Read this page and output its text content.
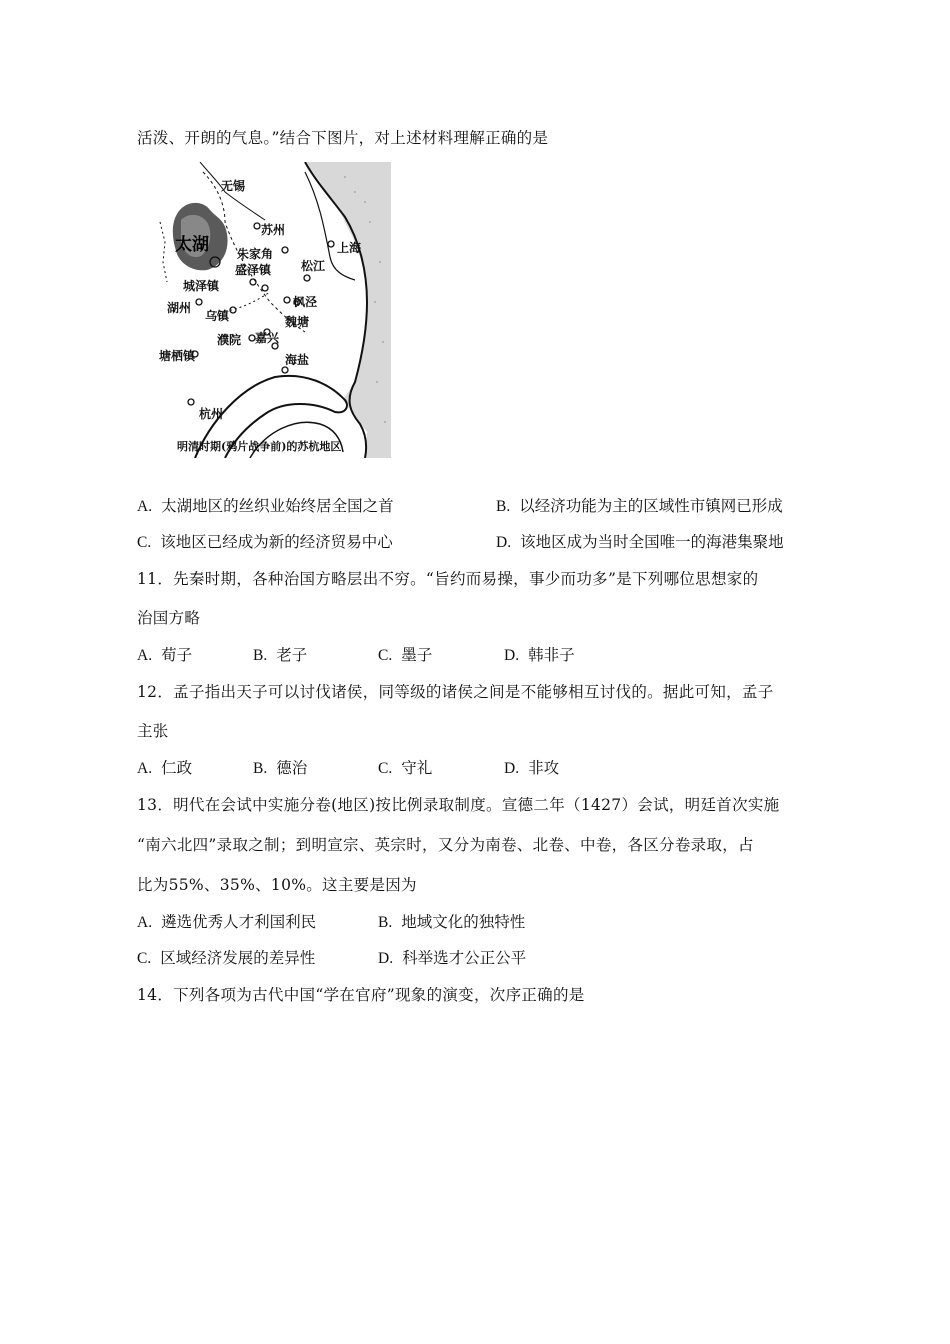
活泼、开朗的气息。”结合下图片，对上述材料理解正确的是
无锡
太湖
苏州
朱家角	上海
城泽镇
盛泽镇 松江
湖州
乌镇
枫泾
魏塘
濮院 嘉兴
塘栖镇	海盐
杭州
明清时期(鸦片战争前)的苏杭地区
A. 太湖地区的丝织业始终居全国之首	B. 以经济功能为主的区域性市镇网已形成
C. 该地区已经成为新的经济贸易中心	D. 该地区成为当时全国唯一的海港集聚地
11．先秦时期，各种治国方略层出不穷。“旨约而易操，事少而功多”是下列哪位思想家的
治国方略
A. 荀子	B. 老子	C. 墨子	D. 韩非子
12．孟子指出天子可以讨伐诸侯，同等级的诸侯之间是不能够相互讨伐的。据此可知，孟子
主张
A. 仁政	B. 德治	C. 守礼	D. 非攻
13．明代在会试中实施分卷(地区)按比例录取制度。宣德二年（1427）会试，明廷首次实施
“南六北四”录取之制；到明宣宗、英宗时，又分为南卷、北卷、中卷，各区分卷录取，占
比为55%、35%、10%。这主要是因为
A. 遴选优秀人才利国利民	B. 地域文化的独特性
C. 区域经济发展的差异性	D. 科举选才公正公平
14．下列各项为古代中国“学在官府”现象的演变，次序正确的是
